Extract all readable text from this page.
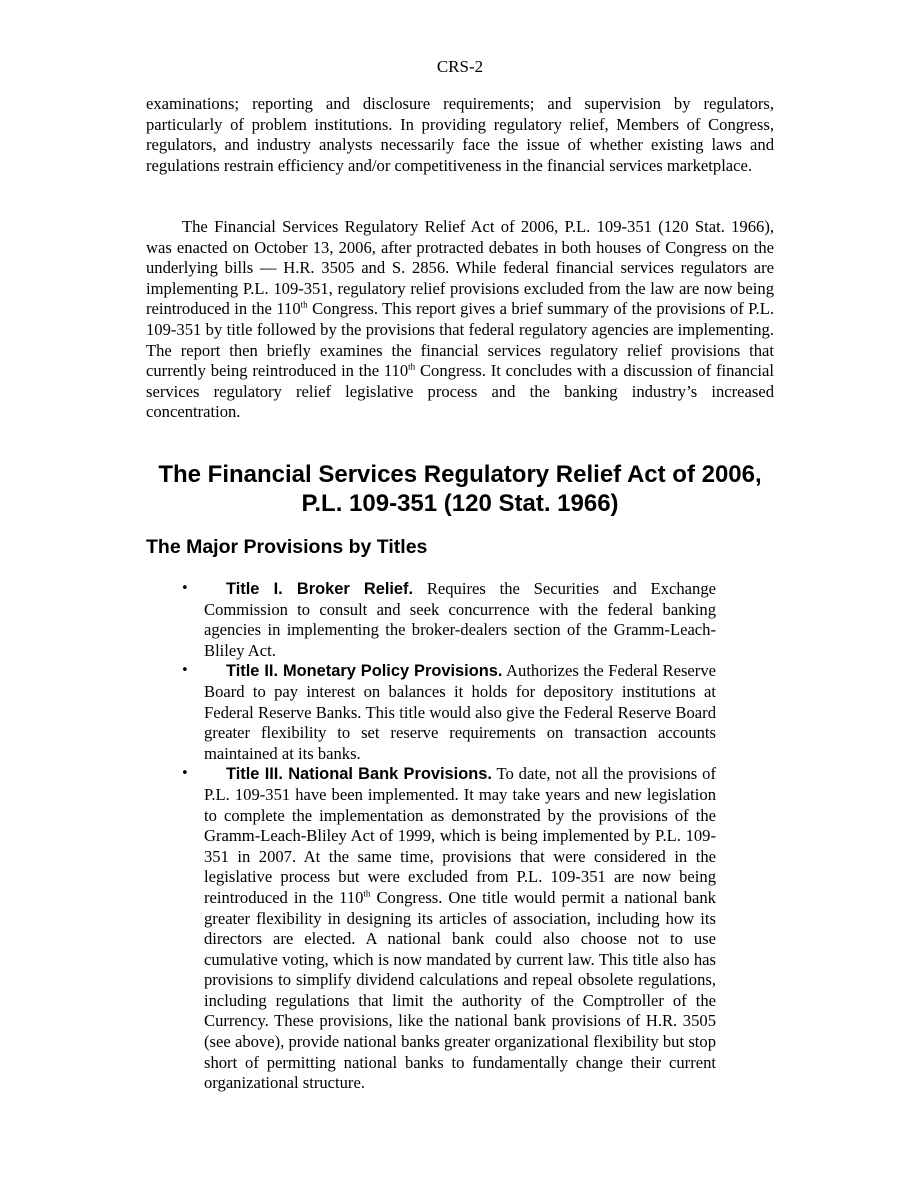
CRS-2

examinations; reporting and disclosure requirements; and supervision by regulators, particularly of problem institutions. In providing regulatory relief, Members of Congress, regulators, and industry analysts necessarily face the issue of whether existing laws and regulations restrain efficiency and/or competitiveness in the financial services marketplace.

The Financial Services Regulatory Relief Act of 2006, P.L. 109-351 (120 Stat. 1966), was enacted on October 13, 2006, after protracted debates in both houses of Congress on the underlying bills — H.R. 3505 and S. 2856. While federal financial services regulators are implementing P.L. 109-351, regulatory relief provisions excluded from the law are now being reintroduced in the 110th Congress. This report gives a brief summary of the provisions of P.L. 109-351 by title followed by the provisions that federal regulatory agencies are implementing. The report then briefly examines the financial services regulatory relief provisions that currently being reintroduced in the 110th Congress. It concludes with a discussion of financial services regulatory relief legislative process and the banking industry’s increased concentration.

The Financial Services Regulatory Relief Act of 2006,
P.L. 109-351 (120 Stat. 1966)
The Major Provisions by Titles
• Title I. Broker Relief. Requires the Securities and Exchange Commission to consult and seek concurrence with the federal banking agencies in implementing the broker-dealers section of the Gramm-Leach-Bliley Act.
• Title II. Monetary Policy Provisions. Authorizes the Federal Reserve Board to pay interest on balances it holds for depository institutions at Federal Reserve Banks. This title would also give the Federal Reserve Board greater flexibility to set reserve requirements on transaction accounts maintained at its banks.
• Title III. National Bank Provisions. To date, not all the provisions of P.L. 109-351 have been implemented. It may take years and new legislation to complete the implementation as demonstrated by the provisions of the Gramm-Leach-Bliley Act of 1999, which is being implemented by P.L. 109-351 in 2007. At the same time, provisions that were considered in the legislative process but were excluded from P.L. 109-351 are now being reintroduced in the 110th Congress. One title would permit a national bank greater flexibility in designing its articles of association, including how its directors are elected. A national bank could also choose not to use cumulative voting, which is now mandated by current law. This title also has provisions to simplify dividend calculations and repeal obsolete regulations, including regulations that limit the authority of the Comptroller of the Currency. These provisions, like the national bank provisions of H.R. 3505 (see above), provide national banks greater organizational flexibility but stop short of permitting national banks to fundamentally change their current organizational structure.
